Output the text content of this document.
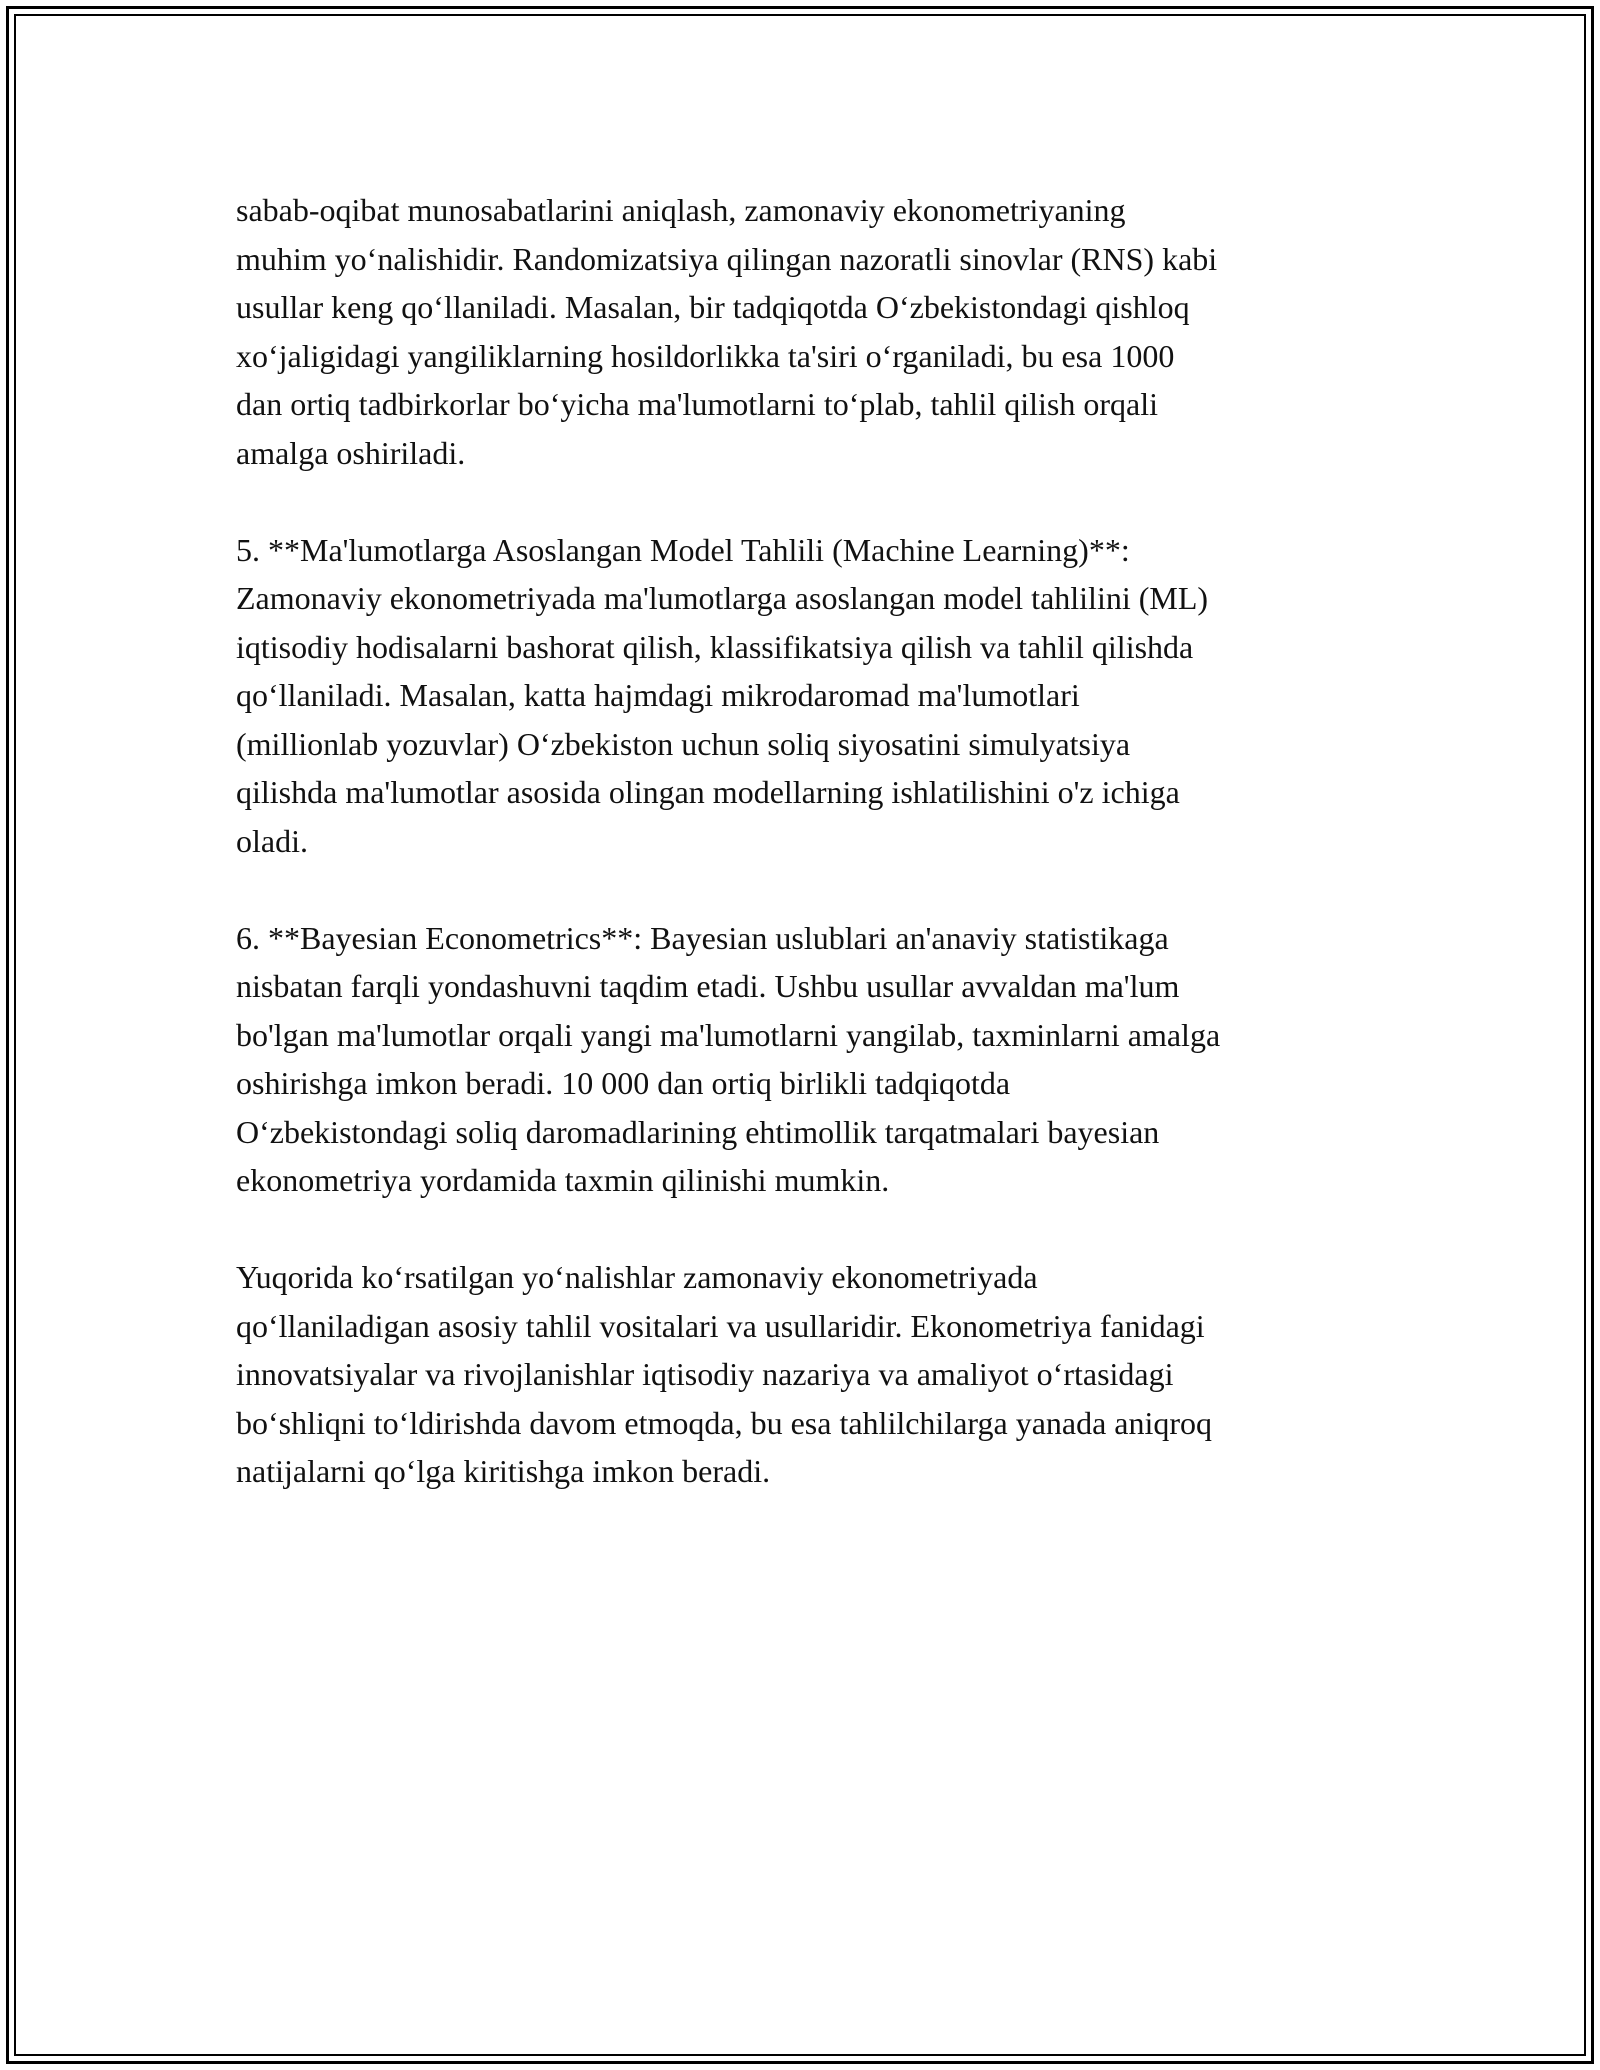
sabab-oqibat munosabatlarini aniqlash, zamonaviy ekonometriyaning
muhim yo‘nalishidir. Randomizatsiya qilingan nazoratli sinovlar (RNS) kabi
usullar keng qo‘llaniladi. Masalan, bir tadqiqotda O‘zbekistondagi qishloq
xo‘jaligidagi yangiliklarning hosildorlikka ta'siri o‘rganiladi, bu esa 1000
dan ortiq tadbirkorlar bo‘yicha ma'lumotlarni to‘plab, tahlil qilish orqali
amalga oshiriladi.

5. **Ma'lumotlarga Asoslangan Model Tahlili (Machine Learning)**:
Zamonaviy ekonometriyada ma'lumotlarga asoslangan model tahlilini (ML)
iqtisodiy hodisalarni bashorat qilish, klassifikatsiya qilish va tahlil qilishda
qo‘llaniladi. Masalan, katta hajmdagi mikrodaromad ma'lumotlari
(millionlab yozuvlar) O‘zbekiston uchun soliq siyosatini simulyatsiya
qilishda ma'lumotlar asosida olingan modellarning ishlatilishini o'z ichiga
oladi.

6. **Bayesian Econometrics**: Bayesian uslublari an'anaviy statistikaga
nisbatan farqli yondashuvni taqdim etadi. Ushbu usullar avvaldan ma'lum
bo'lgan ma'lumotlar orqali yangi ma'lumotlarni yangilab, taxminlarni amalga
oshirishga imkon beradi. 10 000 dan ortiq birlikli tadqiqotda
O‘zbekistondagi soliq daromadlarining ehtimollik tarqatmalari bayesian
ekonometriya yordamida taxmin qilinishi mumkin.

Yuqorida ko‘rsatilgan yo‘nalishlar zamonaviy ekonometriyada
qo‘llaniladigan asosiy tahlil vositalari va usullaridir. Ekonometriya fanidagi
innovatsiyalar va rivojlanishlar iqtisodiy nazariya va amaliyot o‘rtasidagi
bo‘shliqni to‘ldirishda davom etmoqda, bu esa tahlilchilarga yanada aniqroq
natijalarni qo‘lga kiritishga imkon beradi.
